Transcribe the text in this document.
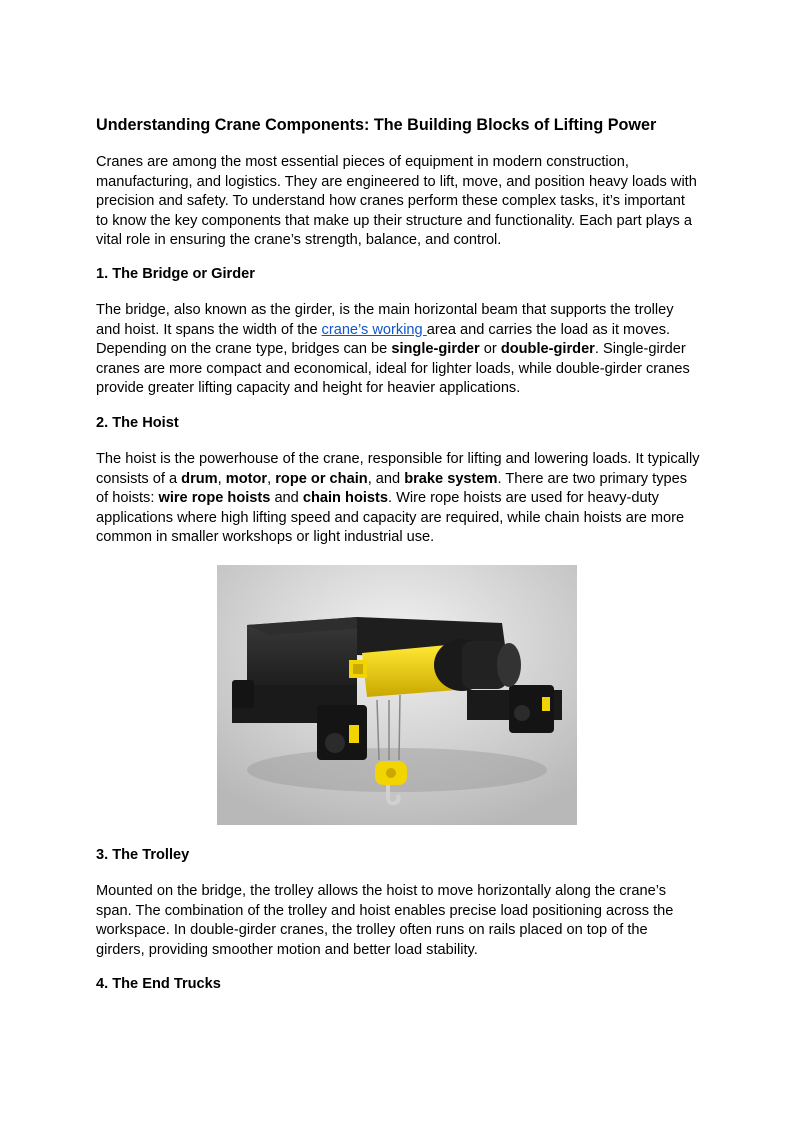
Understanding Crane Components: The Building Blocks of Lifting Power

Cranes are among the most essential pieces of equipment in modern construction, manufacturing, and logistics. They are engineered to lift, move, and position heavy loads with precision and safety. To understand how cranes perform these complex tasks, it’s important to know the key components that make up their structure and functionality. Each part plays a vital role in ensuring the crane’s strength, balance, and control.

1. The Bridge or Girder

The bridge, also known as the girder, is the main horizontal beam that supports the trolley and hoist. It spans the width of the crane’s working area and carries the load as it moves. Depending on the crane type, bridges can be single-girder or double-girder. Single-girder cranes are more compact and economical, ideal for lighter loads, while double-girder cranes provide greater lifting capacity and height for heavier applications.

2. The Hoist

The hoist is the powerhouse of the crane, responsible for lifting and lowering loads. It typically consists of a drum, motor, rope or chain, and brake system. There are two primary types of hoists: wire rope hoists and chain hoists. Wire rope hoists are used for heavy-duty applications where high lifting speed and capacity are required, while chain hoists are more common in smaller workshops or light industrial use.

3. The Trolley

Mounted on the bridge, the trolley allows the hoist to move horizontally along the crane’s span. The combination of the trolley and hoist enables precise load positioning across the workspace. In double-girder cranes, the trolley often runs on rails placed on top of the girders, providing smoother motion and better load stability.

4. The End Trucks
